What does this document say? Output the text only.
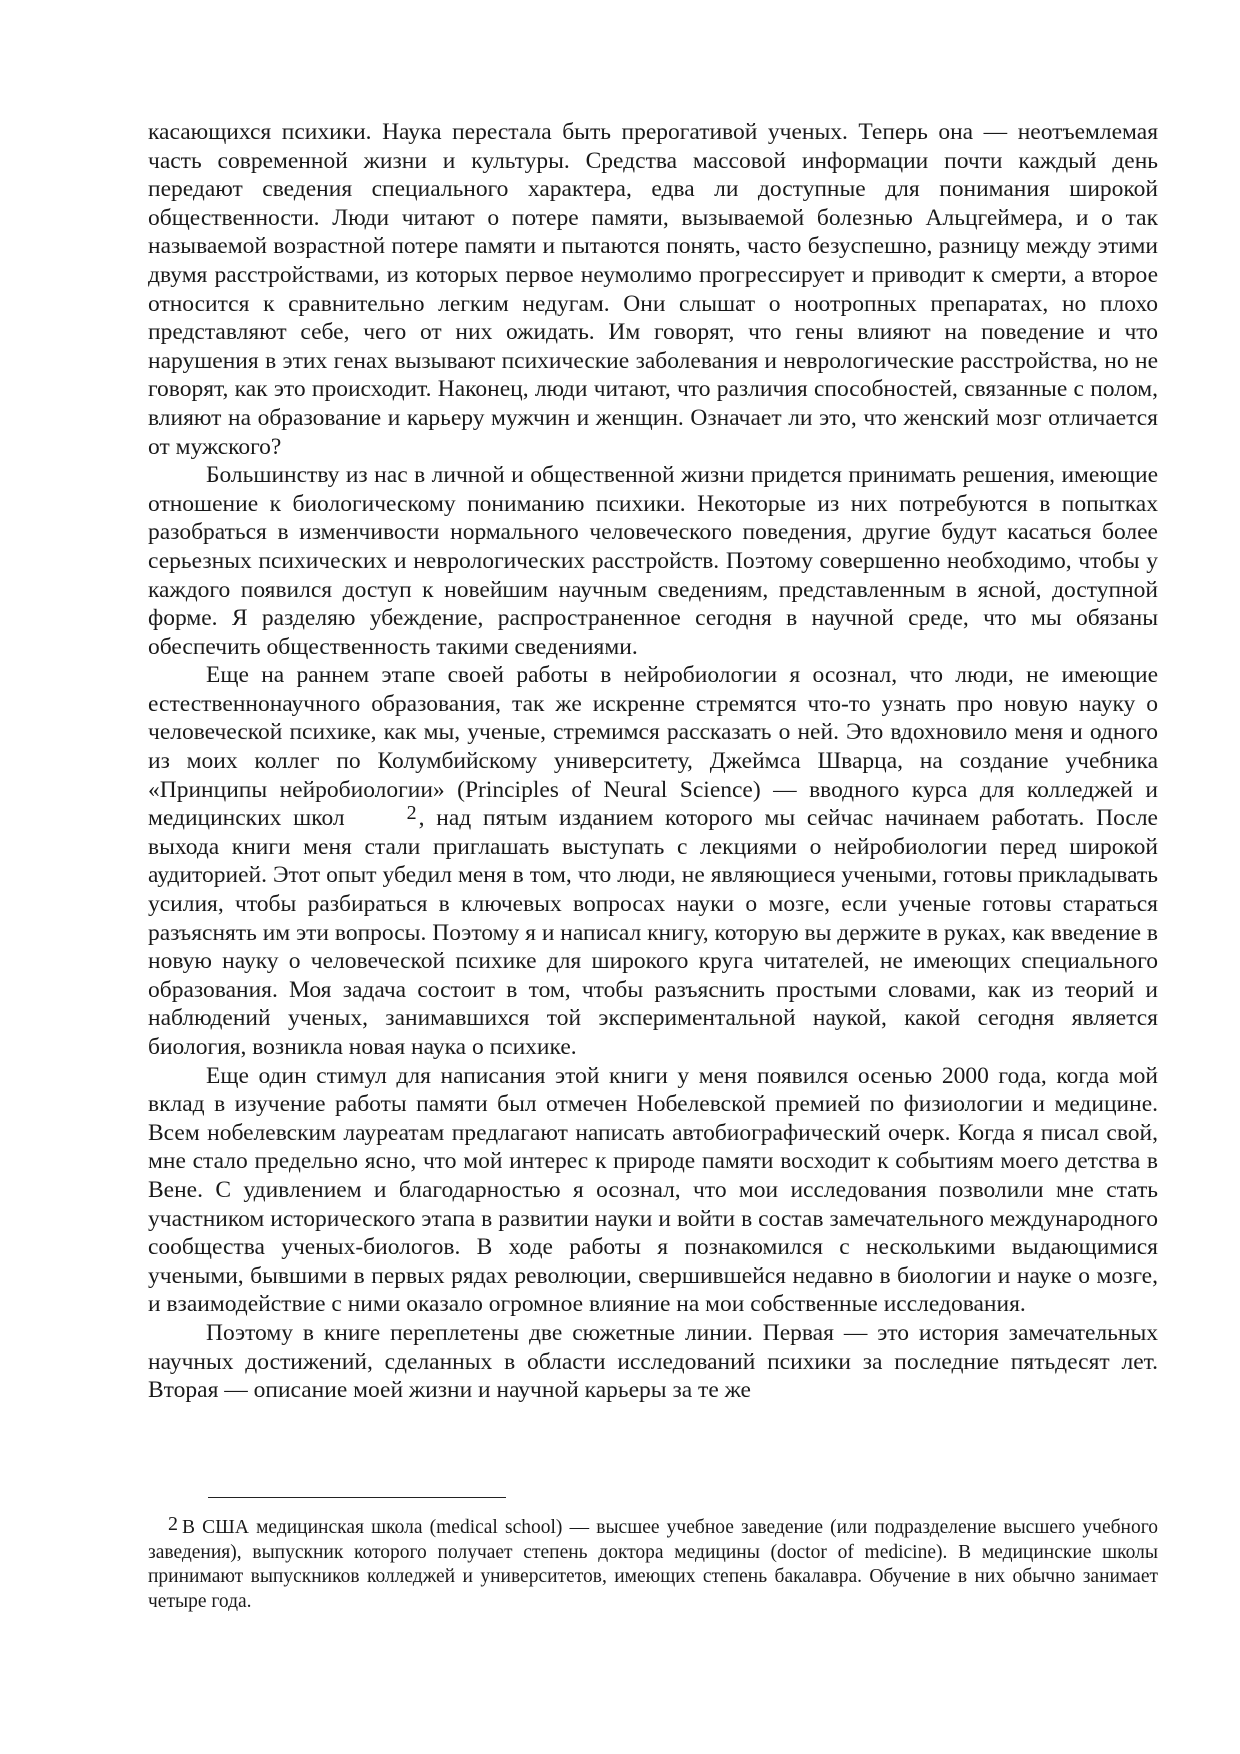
касающихся психики. Наука перестала быть прерогативой ученых. Теперь она — неотъемлемая часть современной жизни и культуры. Средства массовой информации почти каждый день передают сведения специального характера, едва ли доступные для понимания широкой общественности. Люди читают о потере памяти, вызываемой болезнью Альцгеймера, и о так называемой возрастной потере памяти и пытаются понять, часто безуспешно, разницу между этими двумя расстройствами, из которых первое неумолимо прогрессирует и приводит к смерти, а второе относится к сравнительно легким недугам. Они слышат о ноотропных препаратах, но плохо представляют себе, чего от них ожидать. Им говорят, что гены влияют на поведение и что нарушения в этих генах вызывают психические заболевания и неврологические расстройства, но не говорят, как это происходит. Наконец, люди читают, что различия способностей, связанные с полом, влияют на образование и карьеру мужчин и женщин. Означает ли это, что женский мозг отличается от мужского?

Большинству из нас в личной и общественной жизни придется принимать решения, имеющие отношение к биологическому пониманию психики. Некоторые из них потребуются в попытках разобраться в изменчивости нормального человеческого поведения, другие будут касаться более серьезных психических и неврологических расстройств. Поэтому совершенно необходимо, чтобы у каждого появился доступ к новейшим научным сведениям, представленным в ясной, доступной форме. Я разделяю убеждение, распространенное сегодня в научной среде, что мы обязаны обеспечить общественность такими сведениями.

Еще на раннем этапе своей работы в нейробиологии я осознал, что люди, не имеющие естественнонаучного образования, так же искренне стремятся что-то узнать про новую науку о человеческой психике, как мы, ученые, стремимся рассказать о ней. Это вдохновило меня и одного из моих коллег по Колумбийскому университету, Джеймса Шварца, на создание учебника «Принципы нейробиологии» (Principles of Neural Science) — вводного курса для колледжей и медицинских школ	$^2$, над пятым изданием которого мы сейчас начинаем работать. После выхода книги меня стали приглашать выступать с лекциями о нейробиологии перед широкой аудиторией. Этот опыт убедил меня в том, что люди, не являющиеся учеными, готовы прикладывать усилия, чтобы разбираться в ключевых вопросах науки о мозге, если ученые готовы стараться разъяснять им эти вопросы. Поэтому я и написал книгу, которую вы держите в руках, как введение в новую науку о человеческой психике для широкого круга читателей, не имеющих специального образования. Моя задача состоит в том, чтобы разъяснить простыми словами, как из теорий и наблюдений ученых, занимавшихся той экспериментальной наукой, какой сегодня является биология, возникла новая наука о психике.

Еще один стимул для написания этой книги у меня появился осенью 2000 года, когда мой вклад в изучение работы памяти был отмечен Нобелевской премией по физиологии и медицине. Всем нобелевским лауреатам предлагают написать автобиографический очерк. Когда я писал свой, мне стало предельно ясно, что мой интерес к природе памяти восходит к событиям моего детства в Вене. С удивлением и благодарностью я осознал, что мои исследования позволили мне стать участником исторического этапа в развитии науки и войти в состав замечательного международного сообщества ученых-биологов. В ходе работы я познакомился с несколькими выдающимися учеными, бывшими в первых рядах революции, свершившейся недавно в биологии и науке о мозге, и взаимодействие с ними оказало огромное влияние на мои собственные исследования.

Поэтому в книге переплетены две сюжетные линии. Первая — это история замечательных научных достижений, сделанных в области исследований психики за последние пятьдесят лет. Вторая — описание моей жизни и научной карьеры за те же

2 В США медицинская школа (medical school) — высшее учебное заведение (или подразделение высшего учебного заведения), выпускник которого получает степень доктора медицины (doctor of medicine). В медицинские школы принимают выпускников колледжей и университетов, имеющих степень бакалавра. Обучение в них обычно занимает четыре года.
